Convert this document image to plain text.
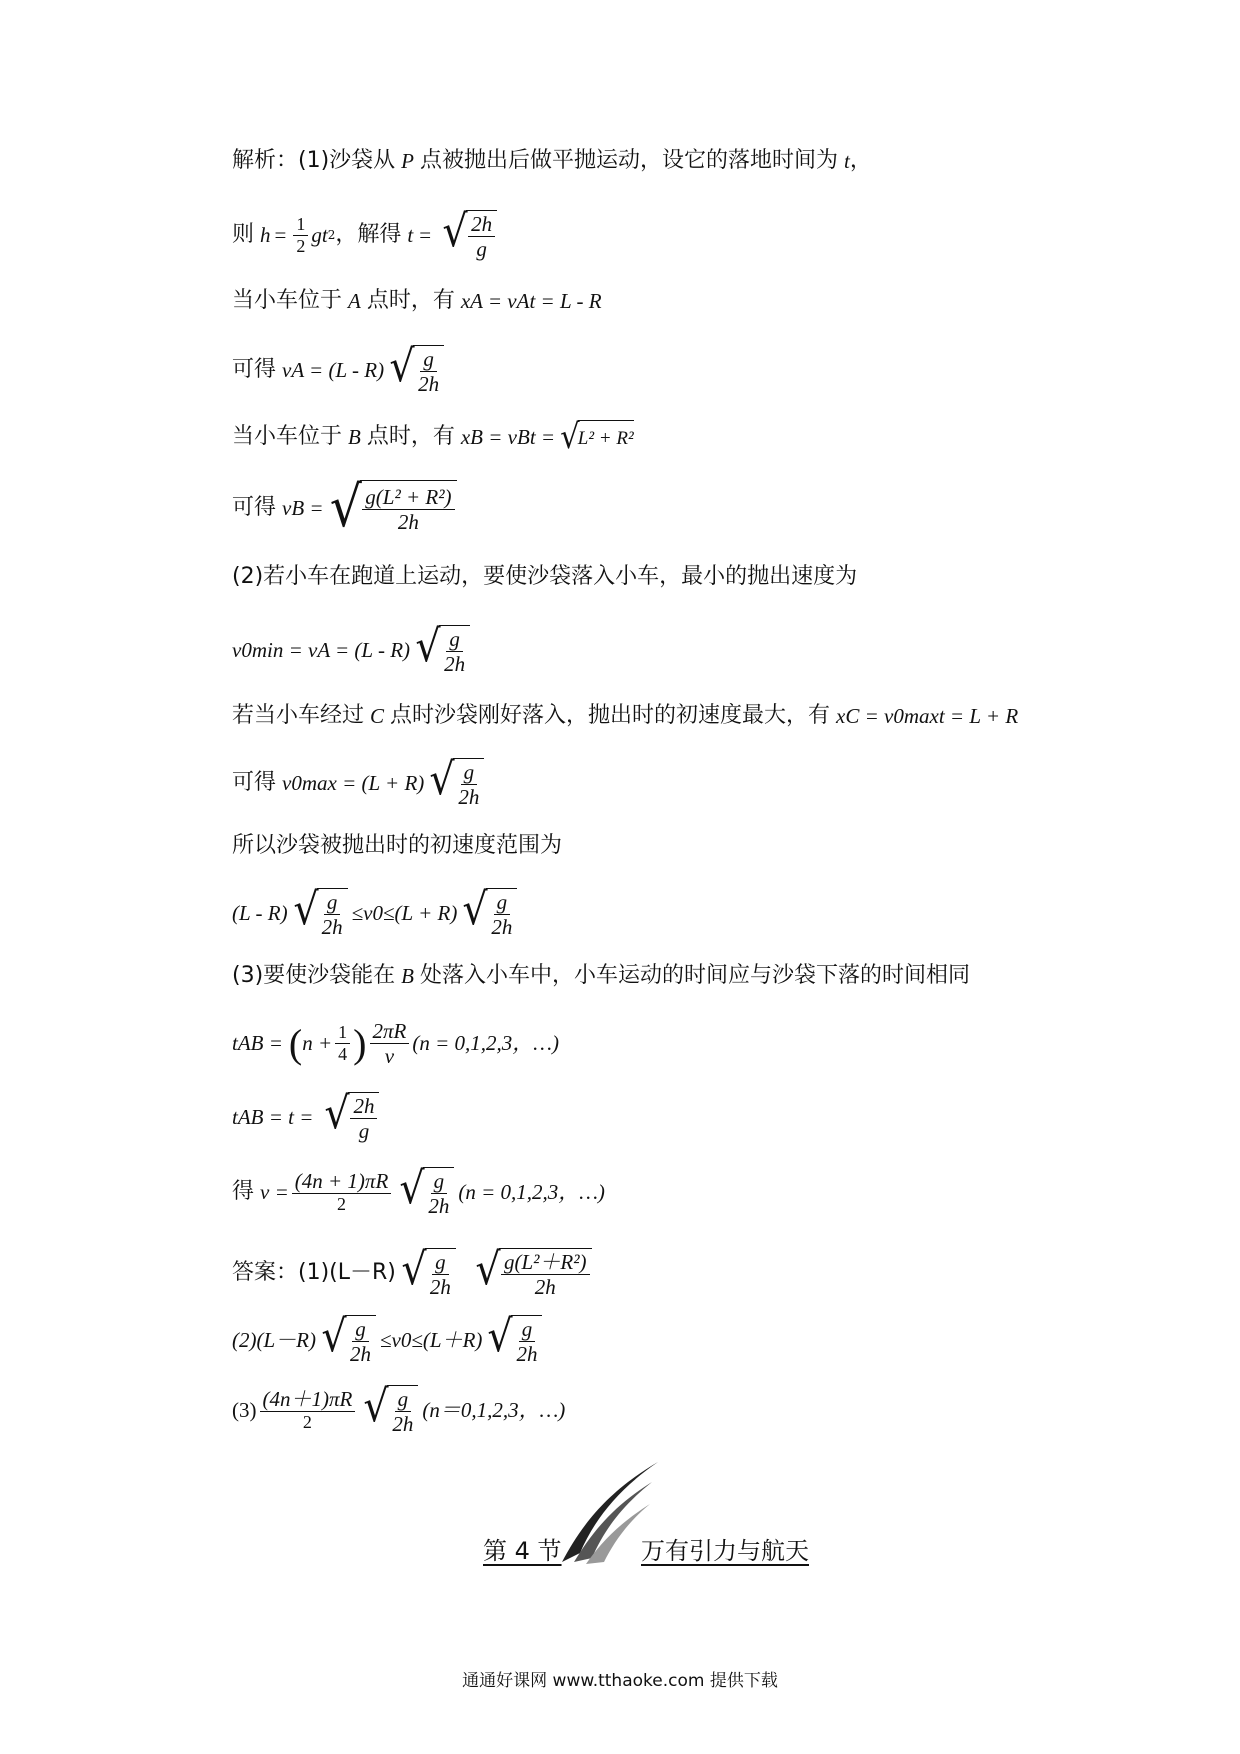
解析：(1)沙袋从 P 点被抛出后做平抛运动，设它的落地时间为 t ，
则 $h = \frac{1}{2}$ gt 2 ，解得 t = √ $\frac{2h}{g}$
当小车位于 A 点时，有 xA = vAt = L - R
可得 vA = (L - R) √ $\frac{g}{2h}$
当小车位于 B 点时，有 xB = vBt = √
L² + R²
可得 vB = √ $\frac{\text{g(L² + R²)}}{2h}$
(2)若小车在跑道上运动，要使沙袋落入小车，最小的抛出速度为
v0min = vA = (L - R) √ $\frac{g}{2h}$
若当小车经过 C 点时沙袋刚好落入，抛出时的初速度最大，有 xC = v0maxt = L + R
可得 v0max = (L + R) √ $\frac{g}{2h}$
所以沙袋被抛出时的初速度范围为
(L - R) √ $\frac{g}{2h} \le v0\le(L + R)$ √ $\frac{g}{2h}$
(3)要使沙袋能在 B 处落入小车中，小车运动的时间应与沙袋下落的时间相同
tAB = ( $n + \frac{1}{4}$ ) $\frac{2\pi R}{v} (n = 0,1,2,3$，…)
tAB = t = √ $\frac{2h}{g}$
得 $v = \frac{(4n + 1)\pi R}{2}$ √ $\frac{g}{2h} (n = 0,1,2,3$，…)
答案：(1)(L－R) √ $\frac{g}{2h}$ √ $\frac{\text{g(L²＋R²)}}{2h}$
(2)(L－R) √ $\frac{g}{2h} \le v0\le(L+R)$ √ $\frac{g}{2h}$
$(3) \frac{(4n+1)\pi R}{2}$ √ $\frac{g}{2h} (n=0,1,2,3$，…)
第 4 节	万有引力与航天
通通好课网 www.tthaoke.com 提供下载
